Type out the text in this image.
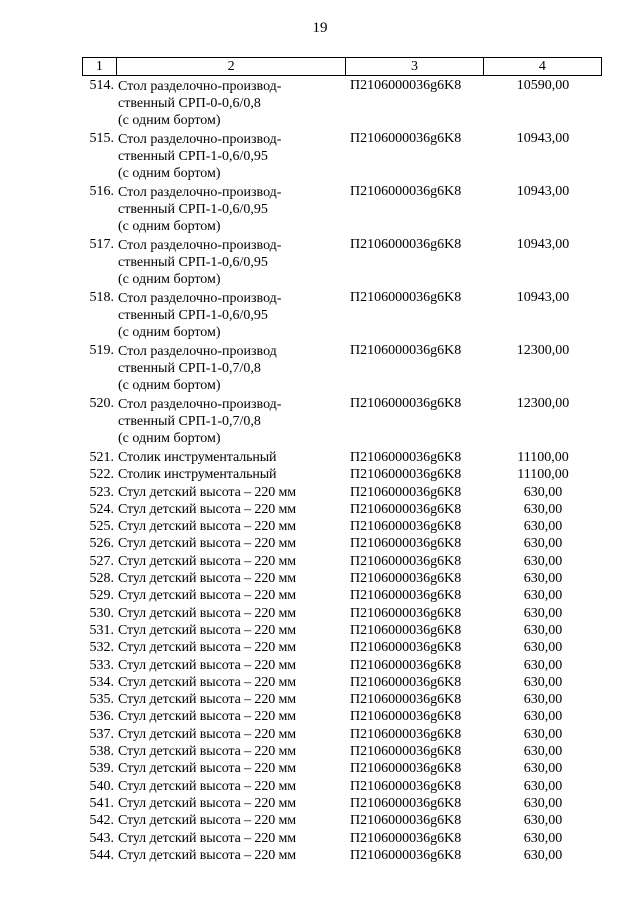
19
1	2	3	4
514. Стол разделочно-производ-
ственный СРП-0-0,6/0,8
(с одним бортом)
П2106000036g6K8	10590,00
515. Стол разделочно-производ-
ственный СРП-1-0,6/0,95
(с одним бортом)
П2106000036g6K8	10943,00
516. Стол разделочно-производ-
ственный СРП-1-0,6/0,95
(с одним бортом)
П2106000036g6K8	10943,00
517. Стол разделочно-производ-
ственный СРП-1-0,6/0,95
(с одним бортом)
П2106000036g6K8	10943,00
518. Стол разделочно-производ-
ственный СРП-1-0,6/0,95
(с одним бортом)
П2106000036g6K8	10943,00
519. Стол разделочно-производ
ственный СРП-1-0,7/0,8
(с одним бортом)
П2106000036g6K8	12300,00
520. Стол разделочно-производ-
ственный СРП-1-0,7/0,8
(с одним бортом)
П2106000036g6K8	12300,00
521. Столик инструментальный	П2106000036g6K8	11100,00
522. Столик инструментальный	П2106000036g6K8	11100,00
523. Стул детский высота – 220 мм	П2106000036g6K8	630,00
524. Стул детский высота – 220 мм	П2106000036g6K8	630,00
525. Стул детский высота – 220 мм	П2106000036g6K8	630,00
526. Стул детский высота – 220 мм	П2106000036g6K8	630,00
527. Стул детский высота – 220 мм	П2106000036g6K8	630,00
528. Стул детский высота – 220 мм	П2106000036g6K8	630,00
529. Стул детский высота – 220 мм	П2106000036g6K8	630,00
530. Стул детский высота – 220 мм	П2106000036g6K8	630,00
531. Стул детский высота – 220 мм	П2106000036g6K8	630,00
532. Стул детский высота – 220 мм	П2106000036g6K8	630,00
533. Стул детский высота – 220 мм	П2106000036g6K8	630,00
534. Стул детский высота – 220 мм	П2106000036g6K8	630,00
535. Стул детский высота – 220 мм	П2106000036g6K8	630,00
536. Стул детский высота – 220 мм	П2106000036g6K8	630,00
537. Стул детский высота – 220 мм	П2106000036g6K8	630,00
538. Стул детский высота – 220 мм	П2106000036g6K8	630,00
539. Стул детский высота – 220 мм	П2106000036g6K8	630,00
540. Стул детский высота – 220 мм	П2106000036g6K8	630,00
541. Стул детский высота – 220 мм	П2106000036g6K8	630,00
542. Стул детский высота – 220 мм	П2106000036g6K8	630,00
543. Стул детский высота – 220 мм	П2106000036g6K8	630,00
544. Стул детский высота – 220 мм	П2106000036g6K8	630,00
